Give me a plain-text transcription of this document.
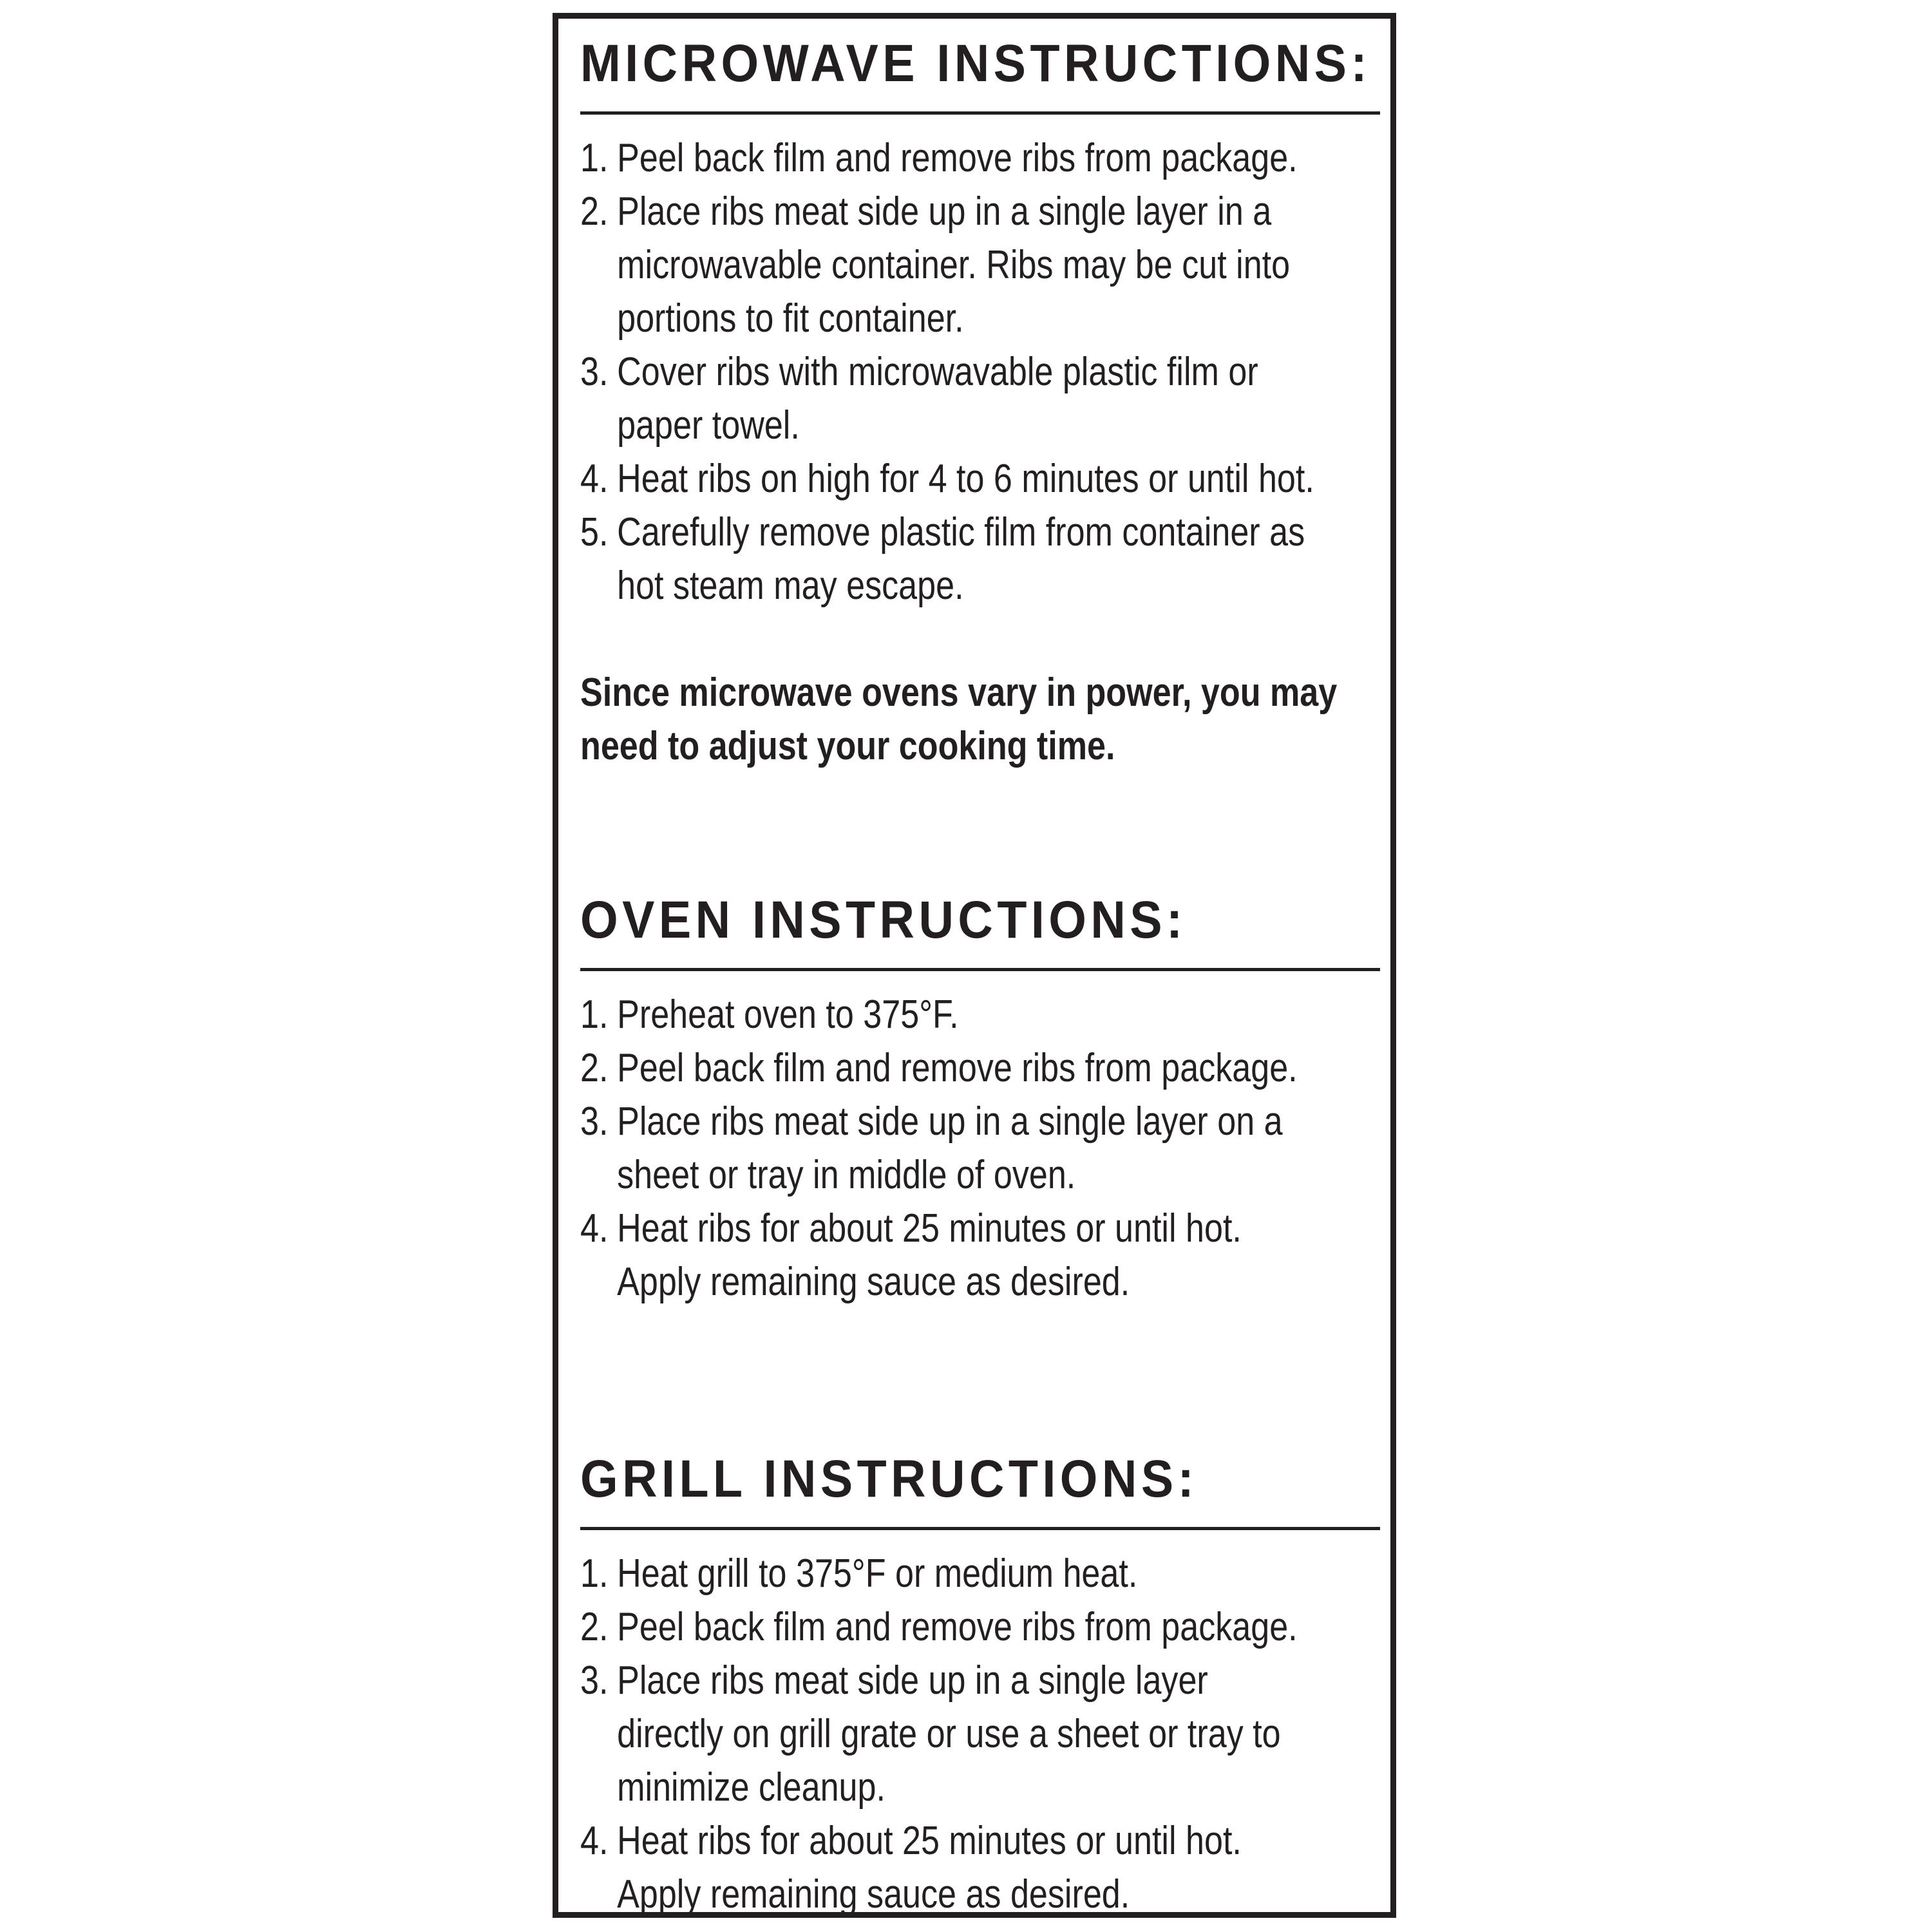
MICROWAVE INSTRUCTIONS:
1. Peel back film and remove ribs from package.
2. Place ribs meat side up in a single layer in a
microwavable container. Ribs may be cut into
portions to fit container.
3. Cover ribs with microwavable plastic film or
paper towel.
4. Heat ribs on high for 4 to 6 minutes or until hot.
5. Carefully remove plastic film from container as
hot steam may escape.

Since microwave ovens vary in power, you may
need to adjust your cooking time.

OVEN INSTRUCTIONS:
1. Preheat oven to 375°F.
2. Peel back film and remove ribs from package.
3. Place ribs meat side up in a single layer on a
sheet or tray in middle of oven.
4. Heat ribs for about 25 minutes or until hot.
Apply remaining sauce as desired.
GRILL INSTRUCTIONS:
1. Heat grill to 375°F or medium heat.
2. Peel back film and remove ribs from package.
3. Place ribs meat side up in a single layer
directly on grill grate or use a sheet or tray to
minimize cleanup.
4. Heat ribs for about 25 minutes or until hot.
Apply remaining sauce as desired.
